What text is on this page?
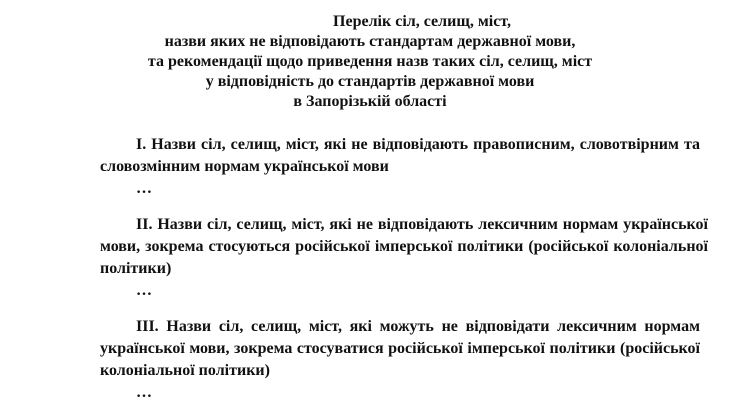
Перелік сіл, селищ, міст,
назви яких не відповідають стандартам державної мови,
та рекомендації щодо приведення назв таких сіл, селищ, міст
у відповідність до стандартів державної мови
в Запорізькій області

I. Назви сіл, селищ, міст, які не відповідають правописним, словотвірним та словозмінним нормам української мови

…

II. Назви сіл, селищ, міст, які не відповідають лексичним нормам української мови, зокрема стосуються російської імперської політики (російської колоніальної політики)

…

III. Назви сіл, селищ, міст, які можуть не відповідати лексичним нормам української мови, зокрема стосуватися російської імперської політики (російської колоніальної політики)

…
